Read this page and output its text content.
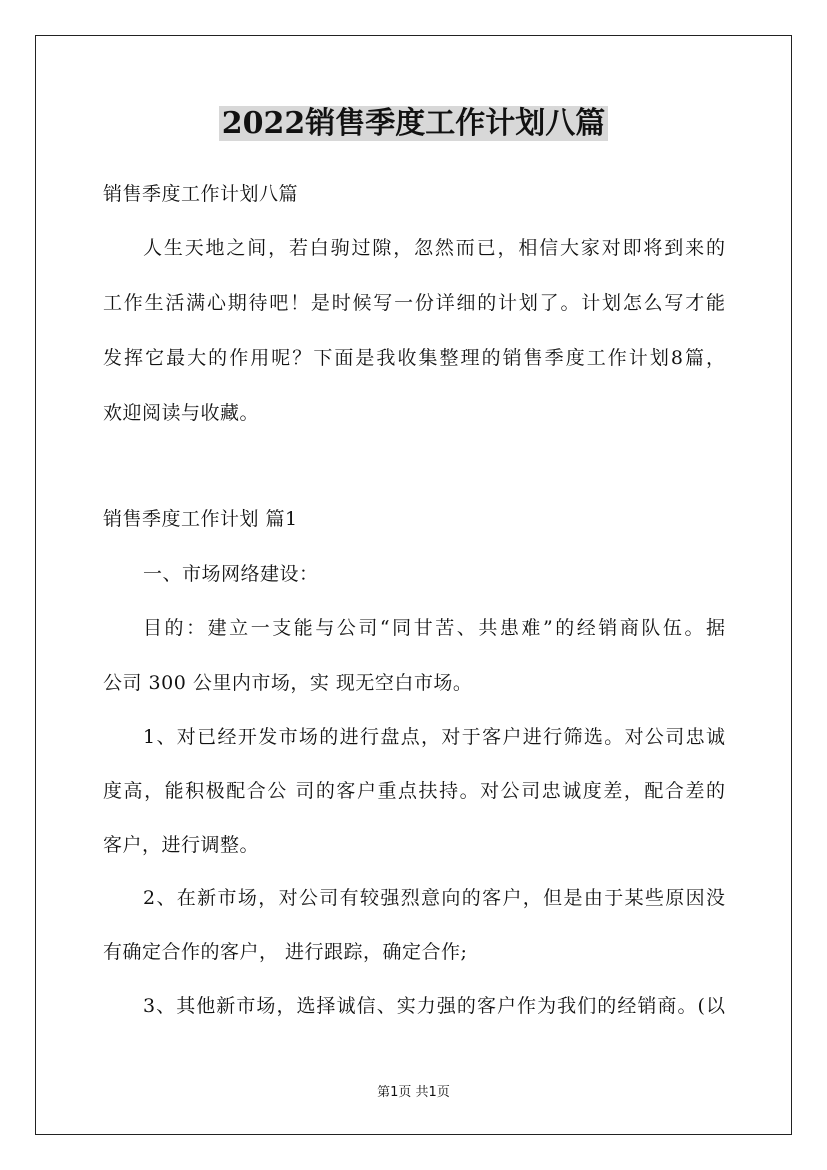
2022销售季度工作计划八篇
销售季度工作计划八篇
人生天地之间，若白驹过隙，忽然而已，相信大家对即将到来的
工作生活满心期待吧！是时候写一份详细的计划了。计划怎么写才能
发挥它最大的作用呢？下面是我收集整理的销售季度工作计划8篇，
欢迎阅读与收藏。
销售季度工作计划 篇1
一、市场网络建设：
目的：建立一支能与公司“同甘苦、共患难”的经销商队伍。据
公司 300 公里内市场，实 现无空白市场。
1、对已经开发市场的进行盘点，对于客户进行筛选。对公司忠诚
度高，能积极配合公 司的客户重点扶持。对公司忠诚度差，配合差的
客户，进行调整。
2、在新市场，对公司有较强烈意向的客户，但是由于某些原因没
有确定合作的客户， 进行跟踪，确定合作;
3、其他新市场，选择诚信、实力强的客户作为我们的经销商。(以
第1页 共1页
